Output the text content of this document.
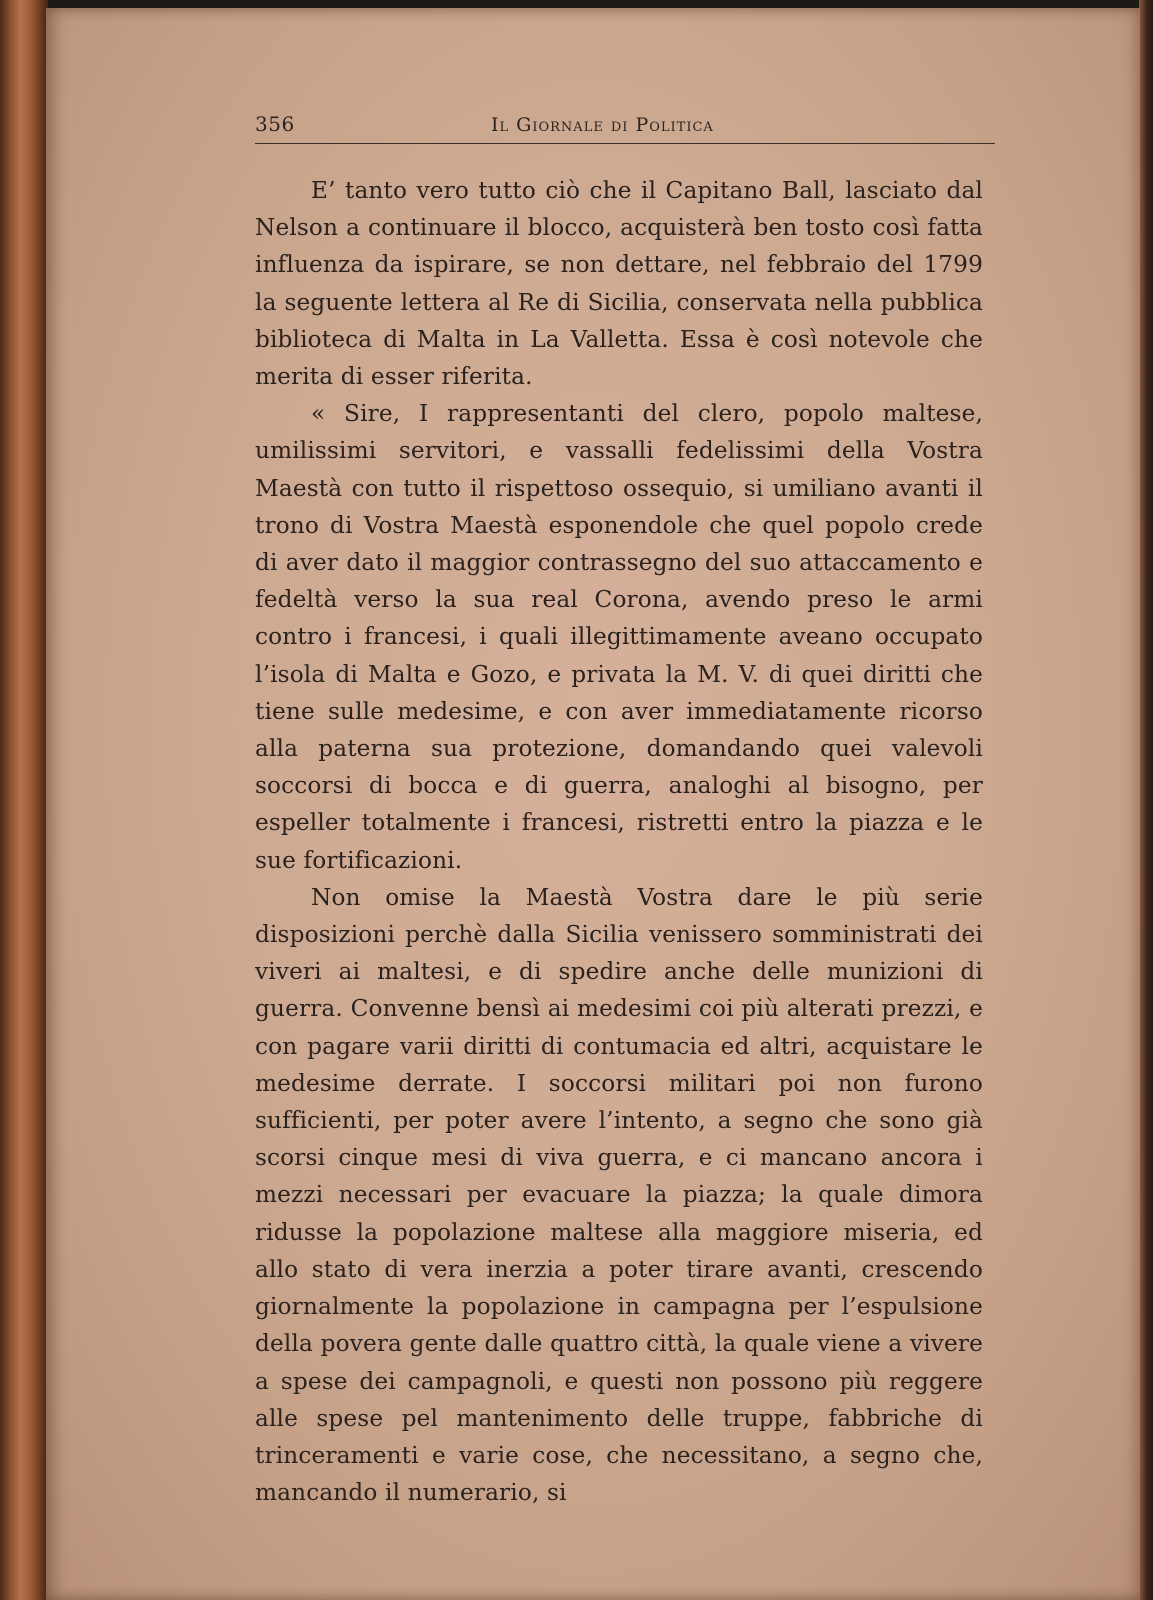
356	Il Giornale di Politica

E’ tanto vero tutto ciò che il Capitano Ball, lasciato dal Nelson a continuare il blocco, acquisterà ben tosto così fatta influenza da ispirare, se non dettare, nel febbraio del 1799 la seguente lettera al Re di Sicilia, conservata nella pubblica biblioteca di Malta in La Valletta. Essa è così notevole che merita di esser riferita.

« Sire, I rappresentanti del clero, popolo maltese, umilissimi servitori, e vassalli fedelissimi della Vostra Maestà con tutto il rispettoso ossequio, si umiliano avanti il trono di Vostra Maestà esponendole che quel popolo crede di aver dato il maggior contrassegno del suo attaccamento e fedeltà verso la sua real Corona, avendo preso le armi contro i francesi, i quali illegittimamente aveano occupato l’isola di Malta e Gozo, e privata la M. V. di quei diritti che tiene sulle medesime, e con aver immediatamente ricorso alla paterna sua protezione, domandando quei valevoli soccorsi di bocca e di guerra, analoghi al bisogno, per espeller totalmente i francesi, ristretti entro la piazza e le sue fortificazioni.

Non omise la Maestà Vostra dare le più serie disposizioni perchè dalla Sicilia venissero somministrati dei viveri ai maltesi, e di spedire anche delle munizioni di guerra. Convenne bensì ai medesimi coi più alterati prezzi, e con pagare varii diritti di contumacia ed altri, acquistare le medesime derrate. I soccorsi militari poi non furono sufficienti, per poter avere l’intento, a segno che sono già scorsi cinque mesi di viva guerra, e ci mancano ancora i mezzi necessari per evacuare la piazza; la quale dimora ridusse la popolazione maltese alla maggiore miseria, ed allo stato di vera inerzia a poter tirare avanti, crescendo giornalmente la popolazione in campagna per l’espulsione della povera gente dalle quattro città, la quale viene a vivere a spese dei campagnoli, e questi non possono più reggere alle spese pel mantenimento delle truppe, fabbriche di trinceramenti e varie cose, che necessitano, a segno che, mancando il numerario, si
